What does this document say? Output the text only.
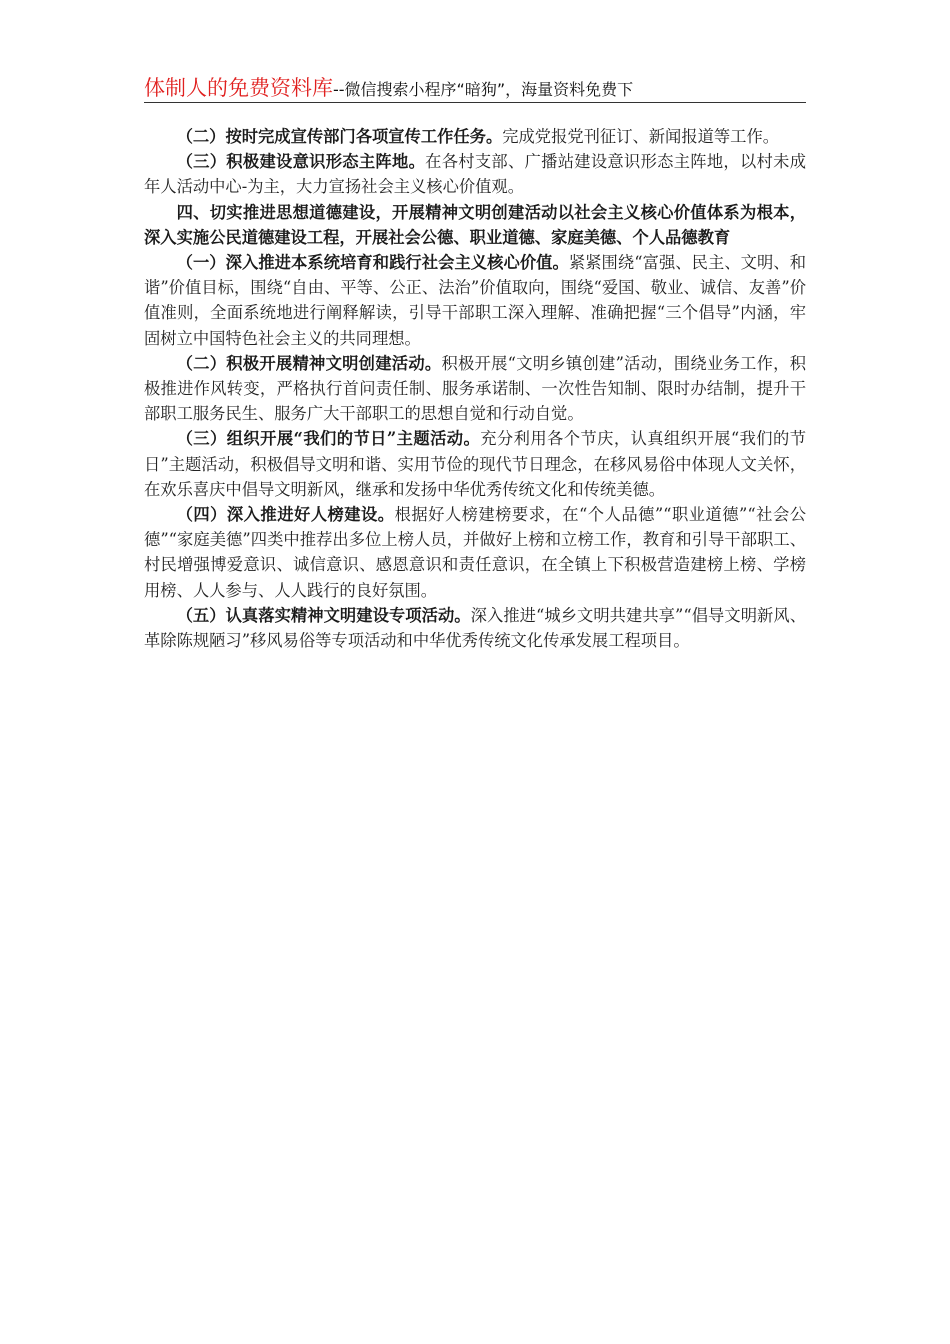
体制人的免费资料库--微信搜索小程序“暗狗”，海量资料免费下

（二）按时完成宣传部门各项宣传工作任务。完成党报党刊征订、新闻报道等工作。

（三）积极建设意识形态主阵地。在各村支部、广播站建设意识形态主阵地，以村未成年人活动中心-为主，大力宣扬社会主义核心价值观。

四、切实推进思想道德建设，开展精神文明创建活动以社会主义核心价值体系为根本，深入实施公民道德建设工程，开展社会公德、职业道德、家庭美德、个人品德教育

（一）深入推进本系统培育和践行社会主义核心价值。紧紧围绕“富强、民主、文明、和谐”价值目标，围绕“自由、平等、公正、法治”价值取向，围绕“爱国、敬业、诚信、友善”价值准则，全面系统地进行阐释解读，引导干部职工深入理解、准确把握“三个倡导”内涵，牢固树立中国特色社会主义的共同理想。

（二）积极开展精神文明创建活动。积极开展“文明乡镇创建”活动，围绕业务工作，积极推进作风转变，严格执行首问责任制、服务承诺制、一次性告知制、限时办结制，提升干部职工服务民生、服务广大干部职工的思想自觉和行动自觉。

（三）组织开展“我们的节日”主题活动。充分利用各个节庆，认真组织开展“我们的节日”主题活动，积极倡导文明和谐、实用节俭的现代节日理念，在移风易俗中体现人文关怀，在欢乐喜庆中倡导文明新风，继承和发扬中华优秀传统文化和传统美德。

（四）深入推进好人榜建设。根据好人榜建榜要求，在“个人品德”“职业道德”“社会公德”“家庭美德”四类中推荐出多位上榜人员，并做好上榜和立榜工作，教育和引导干部职工、村民增强博爱意识、诚信意识、感恩意识和责任意识，在全镇上下积极营造建榜上榜、学榜用榜、人人参与、人人践行的良好氛围。

（五）认真落实精神文明建设专项活动。深入推进“城乡文明共建共享”“倡导文明新风、革除陈规陋习”移风易俗等专项活动和中华优秀传统文化传承发展工程项目。
